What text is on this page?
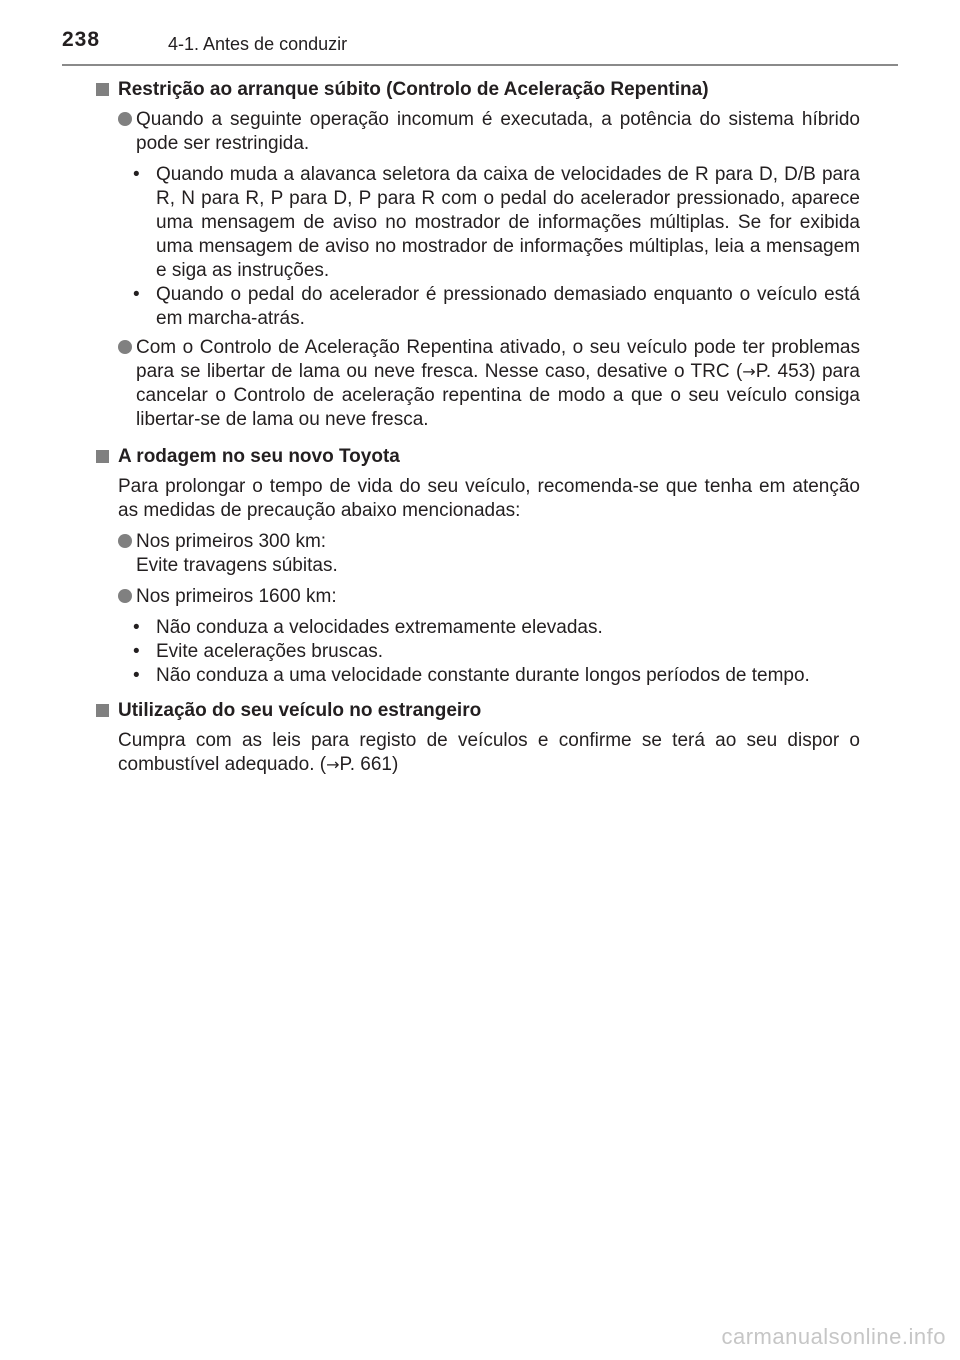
238	4-1. Antes de conduzir
Restrição ao arranque súbito (Controlo de Aceleração Repentina)
Quando a seguinte operação incomum é executada, a potência do sistema híbrido pode ser restringida.
• Quando muda a alavanca seletora da caixa de velocidades de R para D, D/B para R, N para R, P para D, P para R com o pedal do acelerador pressionado, aparece uma mensagem de aviso no mostrador de informações múltiplas. Se for exibida uma mensagem de aviso no mostrador de informações múltiplas, leia a mensagem e siga as instruções.
• Quando o pedal do acelerador é pressionado demasiado enquanto o veículo está em marcha-atrás.
Com o Controlo de Aceleração Repentina ativado, o seu veículo pode ter problemas para se libertar de lama ou neve fresca. Nesse caso, desative o TRC (→P. 453) para cancelar o Controlo de aceleração repentina de modo a que o seu veículo consiga libertar-se de lama ou neve fresca.
A rodagem no seu novo Toyota

Para prolongar o tempo de vida do seu veículo, recomenda-se que tenha em atenção as medidas de precaução abaixo mencionadas:

Nos primeiros 300 km:
Evite travagens súbitas.
Nos primeiros 1600 km:
• Não conduza a velocidades extremamente elevadas.
• Evite acelerações bruscas.
• Não conduza a uma velocidade constante durante longos períodos de tempo.
Utilização do seu veículo no estrangeiro

Cumpra com as leis para registo de veículos e confirme se terá ao seu dispor o combustível adequado. (→P. 661)

carmanualsonline.info
